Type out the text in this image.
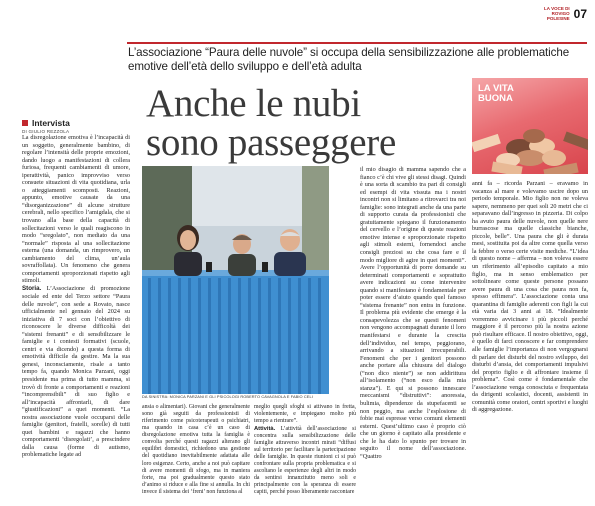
LA VOCE DI ROVIGO
POLESINE 07
L’associazione “Paura delle nuvole” si occupa della sensibilizzazione alle problematiche emotive dell’età dello sviluppo e dell’età adulta
Anche le nubi
sono passeggere
LA VITA
BUONA
Intervista
DI GIULIO REZZOLA

La disregolazione emotiva è l’incapacità di un soggetto, generalmente bambino, di regolare l’intensità delle proprie emozioni, dando luogo a manifestazioni di collera furiosa, frequenti cambiamenti di umore, iperattività, panico improvviso verso consuete situazioni di vita quotidiana, urla o atteggiamenti scomposti. Reazioni, appunto, emotive causate da una “disorganizzazione” di alcune strutture cerebrali, nello specifico l’amigdala, che si trovano alla base della capacità di sollecitazioni verso le quali reagiscono in modo “sregolato”, non mediato da una “normale” risposta al una sollecitazione esterna (una domanda, un rimprovero, un cambiamento del clima, un’aula sovraffollata). Un fenomeno che genera comportamenti sproporzionati rispetto agli stimoli.

Storia. L’Associazione di promozione sociale ed ente del Terzo settore “Paura delle nuvole”, con sede a Rovato, nasce ufficialmente nel gennaio del 2024 su iniziativa di 7 soci con l’obiettivo di riconoscere le diverse difficoltà dei “sistemi frenanti” e di sensibilizzare le famiglie e i contesti formativi (scuole, centri e via dicendo) a questa forma di emotività difficile da gestire. Ma la sua genesi, inconsciamente, risale a tanto tempo fa, quando Monica Parzani, oggi presidente ma prima di tutto mamma, si trovò di fronte a comportamenti e reazioni “incomprensibili” di suo figlio e all’incapacità affrontarli, di dare “giustificazioni” a quei momenti. “La nostra associazione vuole occuparsi delle famiglie (genitori, fratelli, sorelle) di tutti quei bambini e ragazzi che hanno comportamenti ‘disregolati’, a prescindere dalla causa (forme di autismo, problematiche legate ad

DA SINISTRA: MONICA PARZANI E GLI PSICOLOGI ROBERTO CAVAGNOLA E FABIO CELI

ansia o alimentari). Giovani che generalmente sono già seguiti da professionisti di riferimento come psicoterapeuti o psichiatri, ma quando in casa c’è un caso di disregolazione emotiva tutta la famiglia è convolta perché questi ragazzi alterano gli equilibri domestici, richiedono una gestione del quotidiano inevitabilmente adattata alle loro esigenze. Certo, anche a noi può capitare di avere momenti di sfogo, ma in maniera forte, ma poi gradualmente questo stato d’animo si riduce e alla fine si annulla. In chi invece il sistema dei ‘freni’ non funziona al

meglio quegli sfoghi si attivano in fretta, violentemente, e impiegano molto più tempo a rientrare”.

Attività. L’attività dell’associazione si concentra sulla sensibilizzazione delle famiglie attraverso incontri mirati “diffusi sul territorio per facilitare la partecipazione delle famiglie. In queste riunioni ci si può confrontare sulla propria problematica e si ascoltano le esperienze degli altri in modo da sentirsi innanzitutto meno soli e principalmente con la speranza di essere capiti, perché posso liberamente raccontare

il mio disagio di mamma sapendo che a fianco c’è chi vive gli stessi disagi. Quindi è una sorta di scambio tra pari di consigli ed esempi di vita vissuta ma i nostri incontri non si limitano a ritrovarci tra noi famiglie: sono integrati anche da una parte di supporto curata da professionisti che gratuitamente spiegano il funzionamento del cervello e l’origine di queste reazioni emotive intense e sproporzionate rispetto agli stimoli esterni, fornendoci anche consigli preziosi su che cosa fare e il modo migliore di agire in quei momenti”. Avere l’opportunità di porre domande su determinati comportamenti e soprattutto avere indicazioni su come intervenire quando si manifestano è fondamentale per poter essere d’aiuto quando quel famoso “sistema frenante” non entra in funzione. Il problema più evidente che emerge è la consapevolezza che se questi fenomeni non vengono accompagnati durante il loro manifestarsi e durante la crescita dell’individuo, nel tempo, peggiorano, arrivando a situazioni irrecuperabili. Fenomeni che per i genitori possono anche portare alla chiusura del dialogo (“non dico niente”) se non addirittura all’isolamento (“non esco dalla mia stanza”). E qui si possono innescare meccanismi “distruttivi”: anoressia, bulimia, dipendenze da stupefacenti se non peggio, ma anche l’esplosione di fobie mai espresse verso comuni elementi esterni. Quest’ultimo caso è proprio ciò che un giorno è capitato alla presidente e che le ha dato lo spunto per trovare in seguito il nome dell’associazione. “Quattro

anni fa – ricorda Parzani – eravamo in vacanza al mare e volevamo uscire dopo un periodo temporale. Mio figlio non ne voleva sapere, nemmeno per quei soli 20 metri che ci separavano dall’ingresso in pizzeria. Di colpo ha avuto paura delle nuvole, non quelle nere burrascose ma quelle classiche bianche, piccole, belle”. Una paura che gli è durata mesi, sostituita poi da altre come quella verso la febbre o verso certe visite mediche. “L’idea di questo nome – afferma – non voleva essere un riferimento all’episodio capitato a mio figlio, ma in senso emblematico per sottolineare come queste persone possano avere paura di una cosa che paura non fa, spesso effimera”. L’associazione conta una quarantina di famiglie aderenti con figli la cui età varia dai 3 anni ai 18. “Idealmente vorremmo avvicinare i più piccoli perché maggiore è il percorso più la nostra azione può risultare efficace. Il nostro obiettivo, oggi, è quello di farci conoscere e far comprendere alle famiglie l’importanza di non vergognarsi di parlare dei disturbi del nostro sviluppo, dei disturbi d’ansia, dei comportamenti impulsivi del proprio figlio e di affrontare insieme il problema”. Così come è fondamentale che l’associazione venga conosciuta e frequentata da dirigenti scolastici, docenti, assistenti in comunità come oratori, centri sportivi e luoghi di aggregazione.
